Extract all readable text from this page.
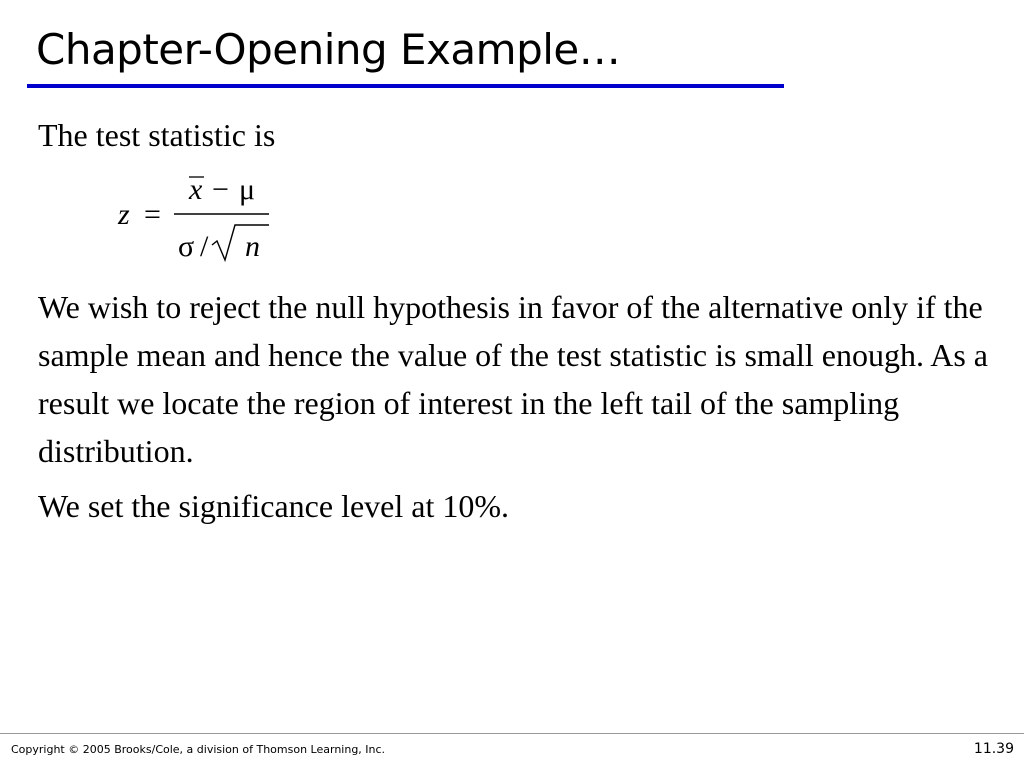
Chapter-Opening Example…
The test statistic is
z =
x − μ
σ / n
We wish to reject the null hypothesis in favor of the alternative only if the sample mean and hence the value of the test statistic is small enough. As a result we locate the region of interest in the left tail of the sampling distribution.
We set the significance level at 10%.
Copyright © 2005 Brooks/Cole, a division of Thomson Learning, Inc.	11.39
